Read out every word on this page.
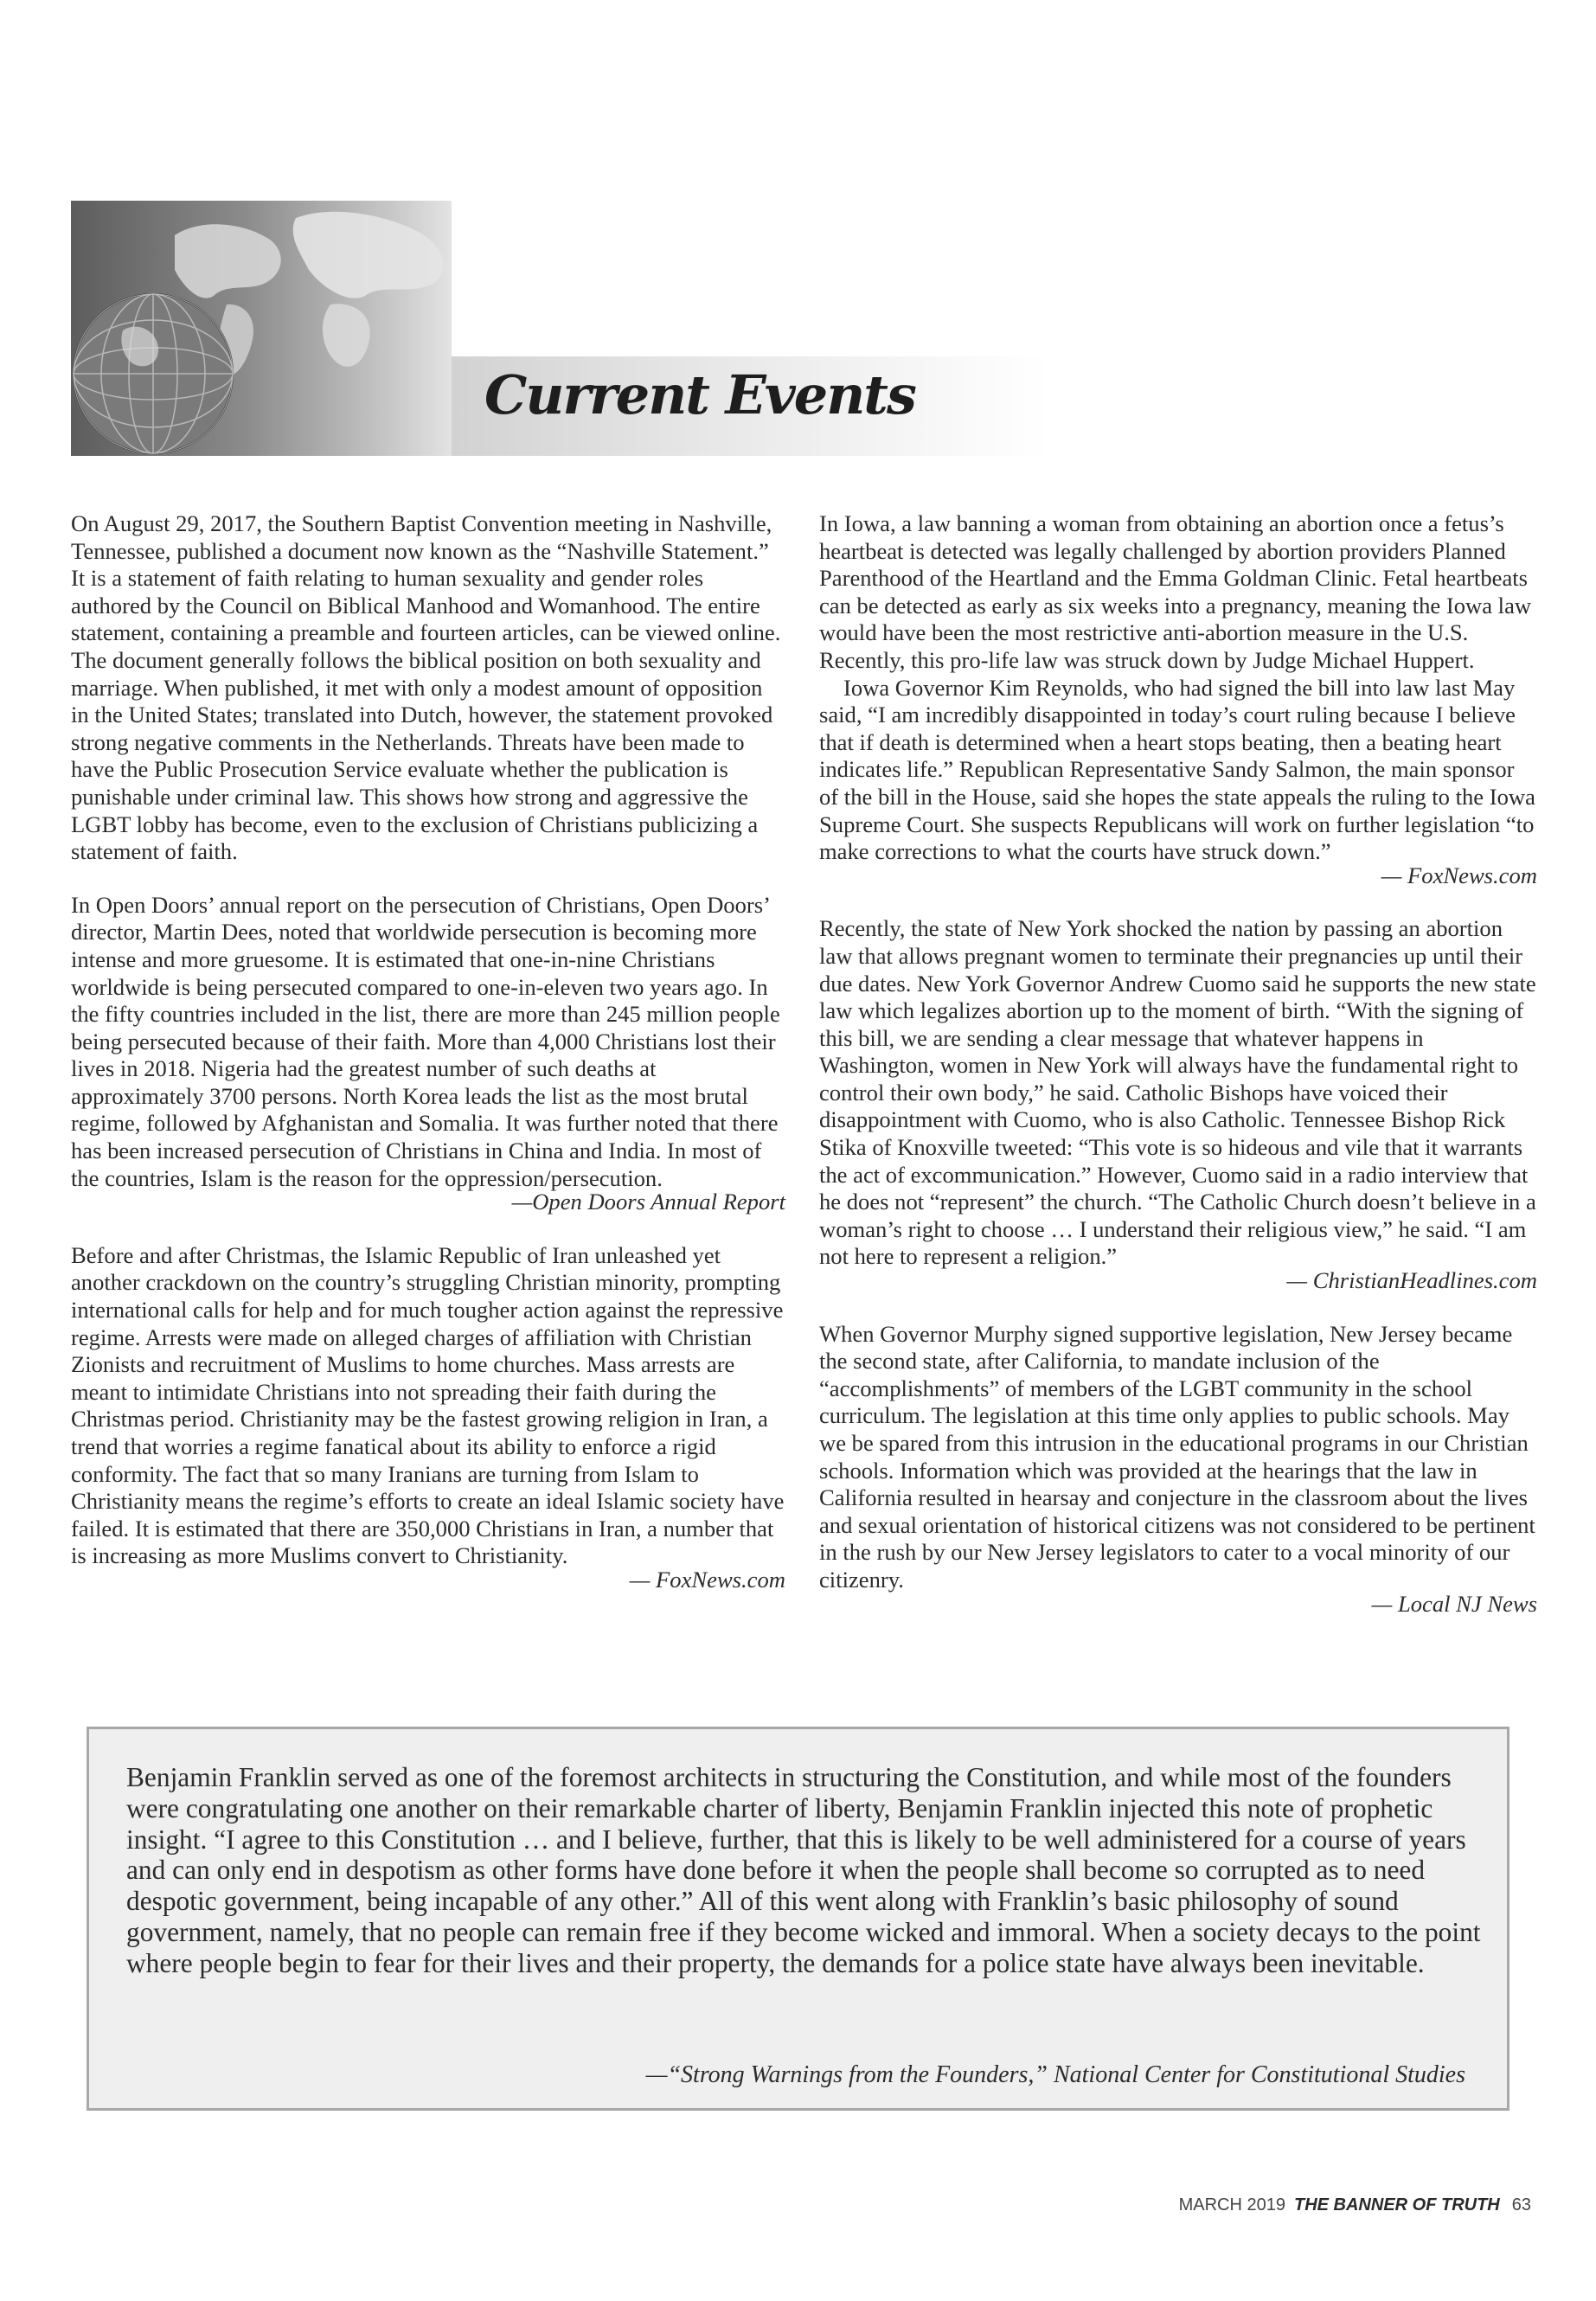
Current Events

On August 29, 2017, the Southern Baptist Convention meeting in Nashville, Tennessee, published a document now known as the “Nashville Statement.” It is a statement of faith relating to human sexuality and gender roles authored by the Council on Biblical Manhood and Womanhood. The entire statement, containing a preamble and fourteen articles, can be viewed online. The document generally follows the biblical position on both sexuality and marriage. When published, it met with only a modest amount of opposition in the United States; translated into Dutch, however, the statement provoked strong negative comments in the Netherlands. Threats have been made to have the Public Prosecution Service evaluate whether the publication is punishable under criminal law. This shows how strong and aggressive the LGBT lobby has become, even to the exclusion of Christians publicizing a statement of faith.

In Open Doors’ annual report on the persecution of Christians, Open Doors’ director, Martin Dees, noted that worldwide persecution is becoming more intense and more gruesome. It is estimated that one-in-nine Christians worldwide is being persecuted compared to one-in-eleven two years ago. In the fifty countries included in the list, there are more than 245 million people being persecuted because of their faith. More than 4,000 Christians lost their lives in 2018. Nigeria had the greatest number of such deaths at approximately 3700 persons. North Korea leads the list as the most brutal regime, followed by Afghanistan and Somalia. It was further noted that there has been increased persecution of Christians in China and India. In most of the countries, Islam is the reason for the oppression/persecution.

—Open Doors Annual Report

Before and after Christmas, the Islamic Republic of Iran unleashed yet another crackdown on the country’s struggling Christian minority, prompting international calls for help and for much tougher action against the repressive regime. Arrests were made on alleged charges of affiliation with Christian Zionists and recruitment of Muslims to home churches. Mass arrests are meant to intimidate Christians into not spreading their faith during the Christmas period. Christianity may be the fastest growing religion in Iran, a trend that worries a regime fanatical about its ability to enforce a rigid conformity. The fact that so many Iranians are turning from Islam to Christianity means the regime’s efforts to create an ideal Islamic society have failed. It is estimated that there are 350,000 Christians in Iran, a number that is increasing as more Muslims convert to Christianity.

— FoxNews.com

In Iowa, a law banning a woman from obtaining an abortion once a fetus’s heartbeat is detected was legally challenged by abortion providers Planned Parenthood of the Heartland and the Emma Goldman Clinic. Fetal heartbeats can be detected as early as six weeks into a pregnancy, meaning the Iowa law would have been the most restrictive anti-abortion measure in the U.S. Recently, this pro-life law was struck down by Judge Michael Huppert.

Iowa Governor Kim Reynolds, who had signed the bill into law last May said, “I am incredibly disappointed in today’s court ruling because I believe that if death is determined when a heart stops beating, then a beating heart indicates life.” Republican Representative Sandy Salmon, the main sponsor of the bill in the House, said she hopes the state appeals the ruling to the Iowa Supreme Court. She suspects Republicans will work on further legislation “to make corrections to what the courts have struck down.”

— FoxNews.com

Recently, the state of New York shocked the nation by passing an abortion law that allows pregnant women to terminate their pregnancies up until their due dates. New York Governor Andrew Cuomo said he supports the new state law which legalizes abortion up to the moment of birth. “With the signing of this bill, we are sending a clear message that whatever happens in Washington, women in New York will always have the fundamental right to control their own body,” he said. Catholic Bishops have voiced their disappointment with Cuomo, who is also Catholic. Tennessee Bishop Rick Stika of Knoxville tweeted: “This vote is so hideous and vile that it warrants the act of excommunication.” However, Cuomo said in a radio interview that he does not “represent” the church. “The Catholic Church doesn’t believe in a woman’s right to choose … I understand their religious view,” he said. “I am not here to represent a religion.”

— ChristianHeadlines.com

When Governor Murphy signed supportive legislation, New Jersey became the second state, after California, to mandate inclusion of the “accomplishments” of members of the LGBT community in the school curriculum. The legislation at this time only applies to public schools. May we be spared from this intrusion in the educational programs in our Christian schools. Information which was provided at the hearings that the law in California resulted in hearsay and conjecture in the classroom about the lives and sexual orientation of historical citizens was not considered to be pertinent in the rush by our New Jersey legislators to cater to a vocal minority of our citizenry.

— Local NJ News

Benjamin Franklin served as one of the foremost architects in structuring the Constitution, and while most of the founders were congratulating one another on their remarkable charter of liberty, Benjamin Franklin injected this note of prophetic insight. “I agree to this Constitution … and I believe, further, that this is likely to be well administered for a course of years and can only end in despotism as other forms have done before it when the people shall become so corrupted as to need despotic government, being incapable of any other.” All of this went along with Franklin’s basic philosophy of sound government, namely, that no people can remain free if they become wicked and immoral. When a society decays to the point where people begin to fear for their lives and their property, the demands for a police state have always been inevitable.

—“Strong Warnings from the Founders,” National Center for Constitutional Studies
MARCH 2019 THE BANNER OF TRUTH 63
